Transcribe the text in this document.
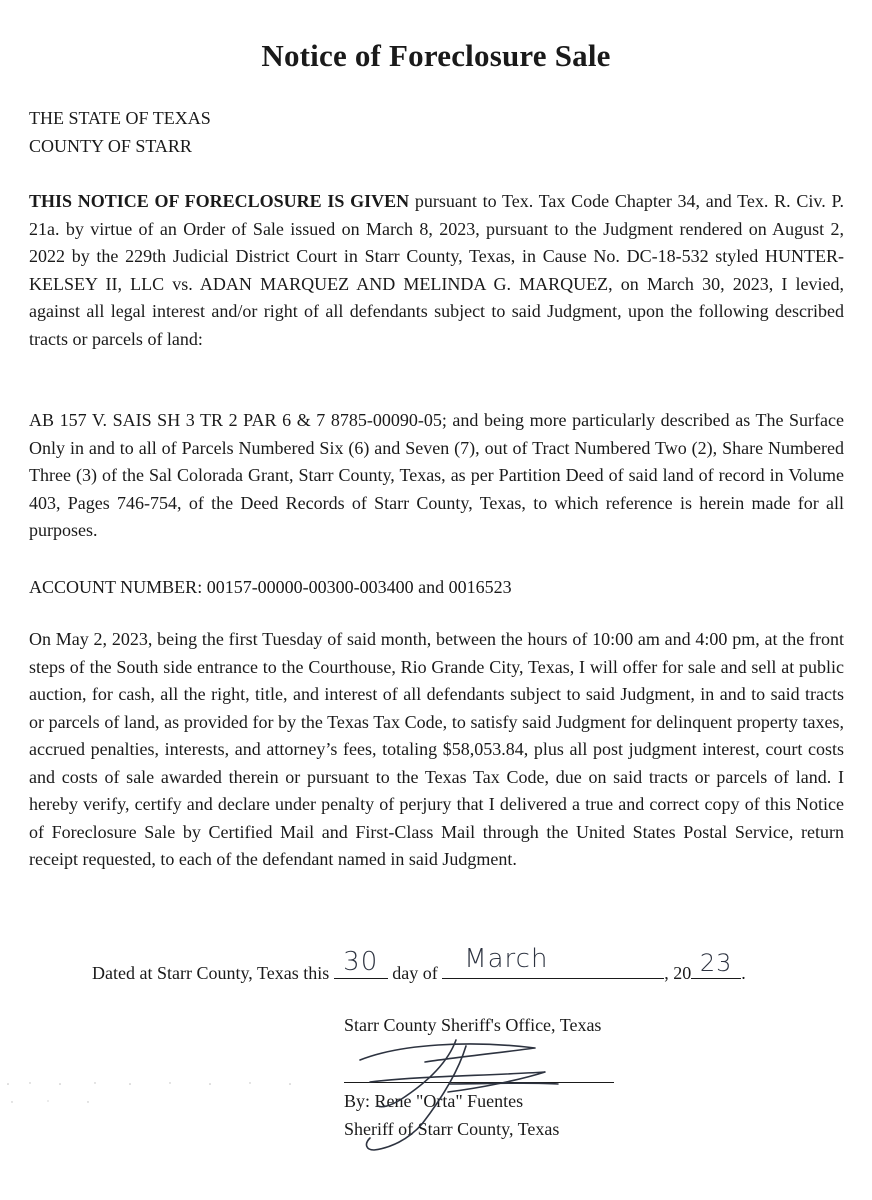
Notice of Foreclosure Sale
THE STATE OF TEXAS
COUNTY OF STARR

THIS NOTICE OF FORECLOSURE IS GIVEN pursuant to Tex. Tax Code Chapter 34, and Tex. R. Civ. P. 21a. by virtue of an Order of Sale issued on March 8, 2023, pursuant to the Judgment rendered on August 2, 2022 by the 229th Judicial District Court in Starr County, Texas, in Cause No. DC-18-532 styled HUNTER-KELSEY II, LLC vs. ADAN MARQUEZ AND MELINDA G. MARQUEZ, on March 30, 2023, I levied, against all legal interest and/or right of all defendants subject to said Judgment, upon the following described tracts or parcels of land:

AB 157 V. SAIS SH 3 TR 2 PAR 6 & 7 8785-00090-05; and being more particularly described as The Surface Only in and to all of Parcels Numbered Six (6) and Seven (7), out of Tract Numbered Two (2), Share Numbered Three (3) of the Sal Colorada Grant, Starr County, Texas, as per Partition Deed of said land of record in Volume 403, Pages 746-754, of the Deed Records of Starr County, Texas, to which reference is herein made for all purposes.

ACCOUNT NUMBER: 00157-00000-00300-003400 and 0016523

On May 2, 2023, being the first Tuesday of said month, between the hours of 10:00 am and 4:00 pm, at the front steps of the South side entrance to the Courthouse, Rio Grande City, Texas, I will offer for sale and sell at public auction, for cash, all the right, title, and interest of all defendants subject to said Judgment, in and to said tracts or parcels of land, as provided for by the Texas Tax Code, to satisfy said Judgment for delinquent property taxes, accrued penalties, interests, and attorney’s fees, totaling $58,053.84, plus all post judgment interest, court costs and costs of sale awarded therein or pursuant to the Texas Tax Code, due on said tracts or parcels of land. I hereby verify, certify and declare under penalty of perjury that I delivered a true and correct copy of this Notice of Foreclosure Sale by Certified Mail and First-Class Mail through the United States Postal Service, return receipt requested, to each of the defendant named in said Judgment.

Dated at Starr County, Texas this 30 day of March	, 20 23 .
Starr County Sheriff's Office, Texas
By: Rene "Orta" Fuentes
Sheriff of Starr County, Texas
